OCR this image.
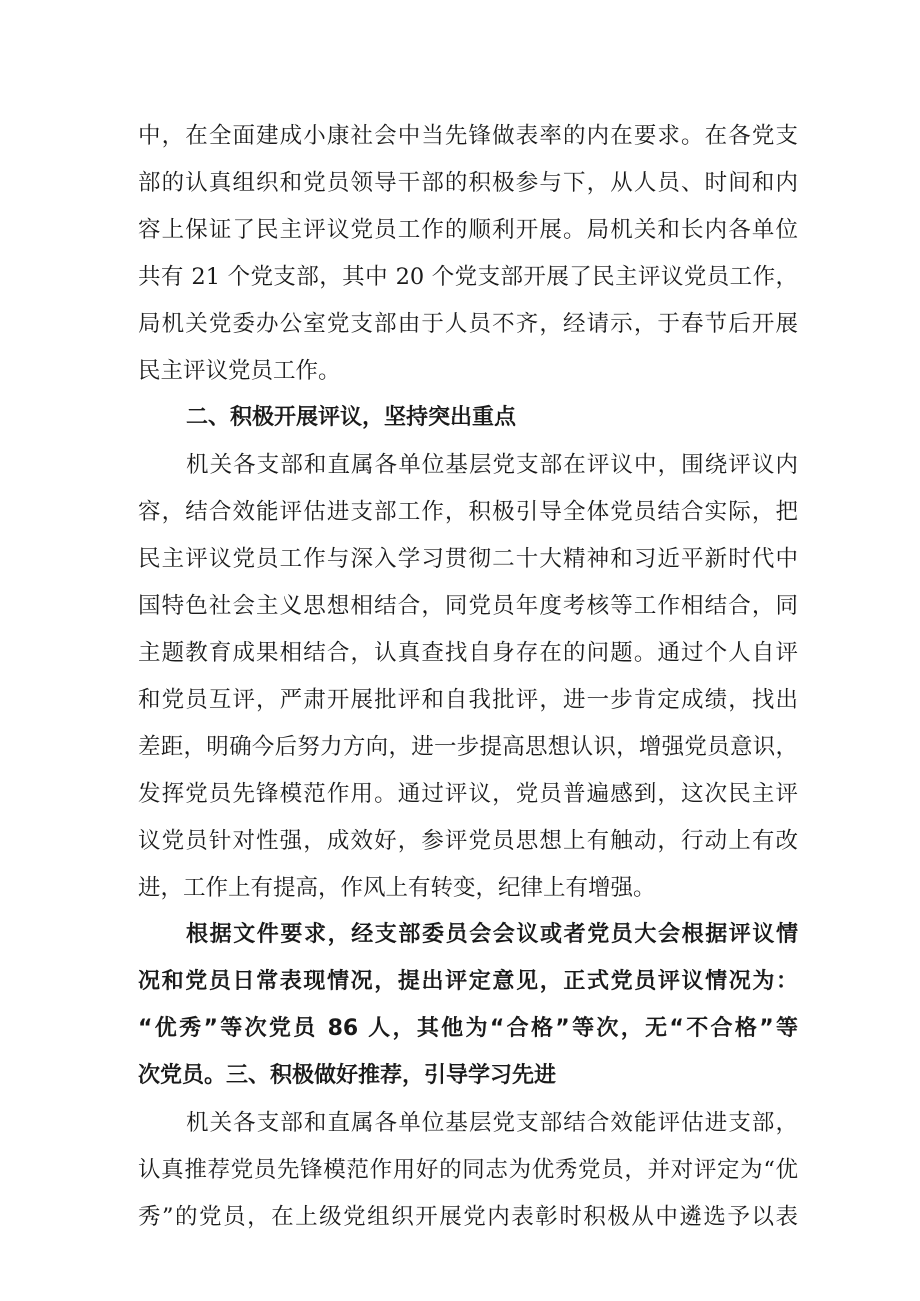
中，在全面建成小康社会中当先锋做表率的内在要求。在各党支
部的认真组织和党员领导干部的积极参与下，从人员、时间和内
容上保证了民主评议党员工作的顺利开展。局机关和长内各单位
共有 21 个党支部，其中 20 个党支部开展了民主评议党员工作，
局机关党委办公室党支部由于人员不齐，经请示，于春节后开展
民主评议党员工作。
二、积极开展评议，坚持突出重点
机关各支部和直属各单位基层党支部在评议中，围绕评议内
容，结合效能评估进支部工作，积极引导全体党员结合实际，把
民主评议党员工作与深入学习贯彻二十大精神和习近平新时代中
国特色社会主义思想相结合，同党员年度考核等工作相结合，同
主题教育成果相结合，认真查找自身存在的问题。通过个人自评
和党员互评，严肃开展批评和自我批评，进一步肯定成绩，找出
差距，明确今后努力方向，进一步提高思想认识，增强党员意识，
发挥党员先锋模范作用。通过评议，党员普遍感到，这次民主评
议党员针对性强，成效好，参评党员思想上有触动，行动上有改
进，工作上有提高，作风上有转变，纪律上有增强。
根据文件要求，经支部委员会会议或者党员大会根据评议情
况和党员日常表现情况，提出评定意见，正式党员评议情况为：
“优秀”等次党员 86 人，其他为“合格”等次，无“不合格”等
次党员。三、积极做好推荐，引导学习先进
机关各支部和直属各单位基层党支部结合效能评估进支部，
认真推荐党员先锋模范作用好的同志为优秀党员，并对评定为“优
秀”的党员，在上级党组织开展党内表彰时积极从中遴选予以表
